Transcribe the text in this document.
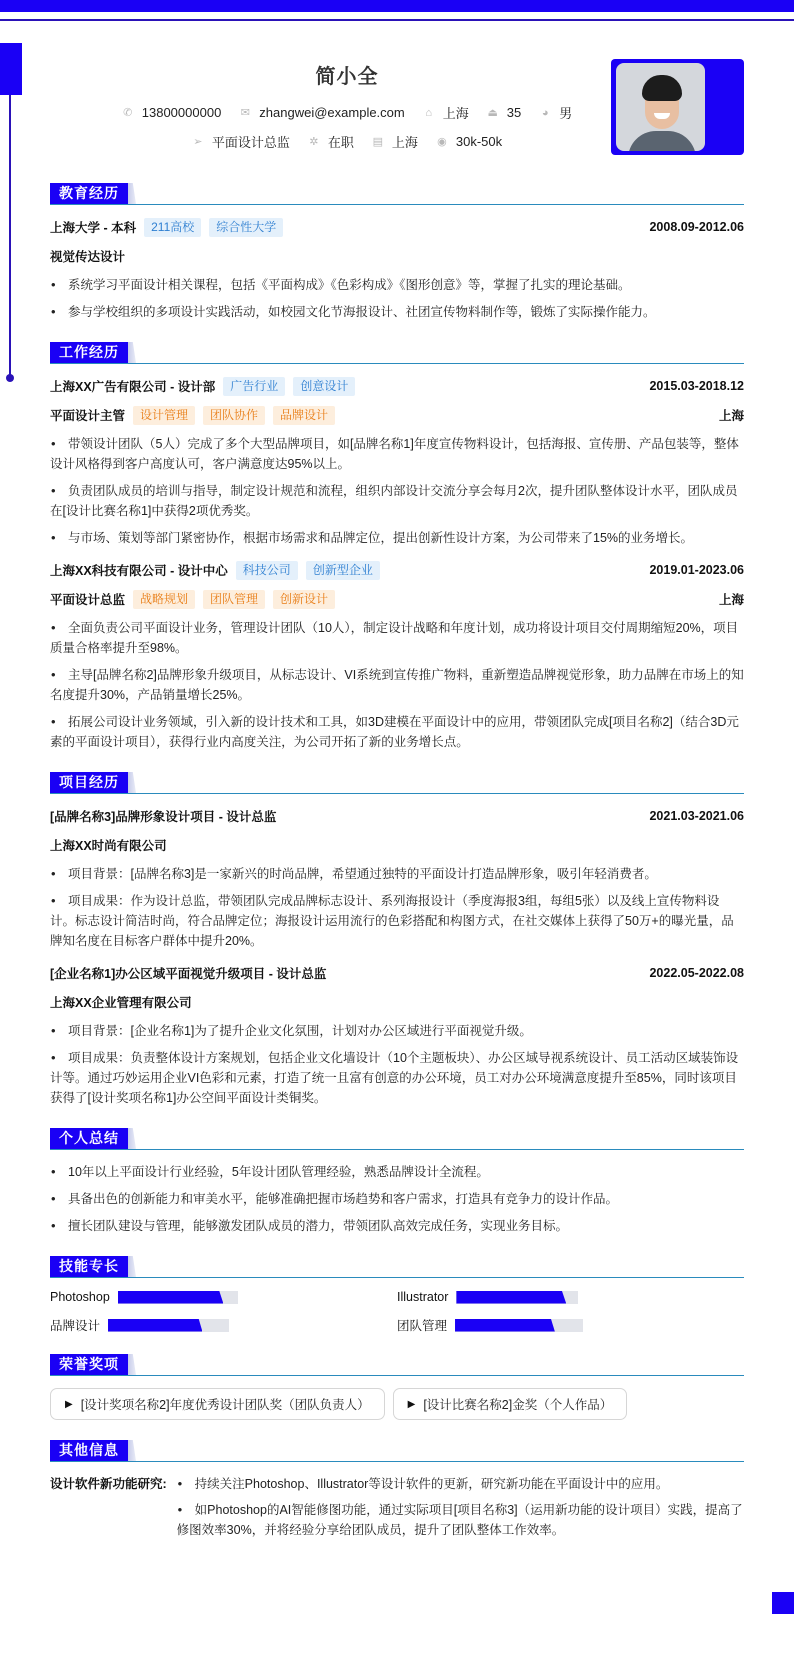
简小全
✆ 13800000000 ✉ zhangwei@example.com ⌂ 上海 ⏏ 35 ◕ 男
➢ 平面设计总监 ✲ 在职 ▤ 上海 ◉ 30k-50k
教育经历
上海大学 - 本科	211高校	综合性大学	2008.09-2012.06
视觉传达设计
• 系统学习平面设计相关课程，包括《平面构成》《色彩构成》《图形创意》等，掌握了扎实的理论基础。
• 参与学校组织的多项设计实践活动，如校园文化节海报设计、社团宣传物料制作等，锻炼了实际操作能力。
工作经历
上海XX广告有限公司 - 设计部	广告行业	创意设计	2015.03-2018.12
平面设计主管	设计管理	团队协作	品牌设计	上海
• 带领设计团队（5人）完成了多个大型品牌项目，如[品牌名称1]年度宣传物料设计，包括海报、宣传册、产品包装等，整体设计风格得到客户高度认可，客户满意度达95%以上。
• 负责团队成员的培训与指导，制定设计规范和流程，组织内部设计交流分享会每月2次，提升团队整体设计水平，团队成员在[设计比赛名称1]中获得2项优秀奖。
• 与市场、策划等部门紧密协作，根据市场需求和品牌定位，提出创新性设计方案，为公司带来了15%的业务增长。
上海XX科技有限公司 - 设计中心	科技公司	创新型企业	2019.01-2023.06
平面设计总监	战略规划	团队管理	创新设计	上海
• 全面负责公司平面设计业务，管理设计团队（10人），制定设计战略和年度计划，成功将设计项目交付周期缩短20%，项目质量合格率提升至98%。
• 主导[品牌名称2]品牌形象升级项目，从标志设计、VI系统到宣传推广物料，重新塑造品牌视觉形象，助力品牌在市场上的知名度提升30%，产品销量增长25%。
• 拓展公司设计业务领域，引入新的设计技术和工具，如3D建模在平面设计中的应用，带领团队完成[项目名称2]（结合3D元素的平面设计项目），获得行业内高度关注，为公司开拓了新的业务增长点。
项目经历
[品牌名称3]品牌形象设计项目 - 设计总监	2021.03-2021.06
上海XX时尚有限公司
• 项目背景：[品牌名称3]是一家新兴的时尚品牌，希望通过独特的平面设计打造品牌形象，吸引年轻消费者。
• 项目成果：作为设计总监，带领团队完成品牌标志设计、系列海报设计（季度海报3组，每组5张）以及线上宣传物料设计。标志设计简洁时尚，符合品牌定位；海报设计运用流行的色彩搭配和构图方式，在社交媒体上获得了50万+的曝光量，品牌知名度在目标客户群体中提升20%。
[企业名称1]办公区域平面视觉升级项目 - 设计总监	2022.05-2022.08
上海XX企业管理有限公司
• 项目背景：[企业名称1]为了提升企业文化氛围，计划对办公区域进行平面视觉升级。
• 项目成果：负责整体设计方案规划，包括企业文化墙设计（10个主题板块）、办公区域导视系统设计、员工活动区域装饰设计等。通过巧妙运用企业VI色彩和元素，打造了统一且富有创意的办公环境，员工对办公环境满意度提升至85%，同时该项目获得了[设计奖项名称1]办公空间平面设计类铜奖。
个人总结
• 10年以上平面设计行业经验，5年设计团队管理经验，熟悉品牌设计全流程。
• 具备出色的创新能力和审美水平，能够准确把握市场趋势和客户需求，打造具有竞争力的设计作品。
• 擅长团队建设与管理，能够激发团队成员的潜力，带领团队高效完成任务，实现业务目标。
技能专长
Photoshop	Illustrator
品牌设计	团队管理
荣誉奖项
▶ [设计奖项名称2]年度优秀设计团队奖（团队负责人）	▶ [设计比赛名称2]金奖（个人作品）
其他信息
设计软件新功能研究:	• 持续关注Photoshop、Illustrator等设计软件的更新，研究新功能在平面设计中的应用。
• 如Photoshop的AI智能修图功能，通过实际项目[项目名称3]（运用新功能的设计项目）实践，提高了修图效率30%，并将经验分享给团队成员，提升了团队整体工作效率。
